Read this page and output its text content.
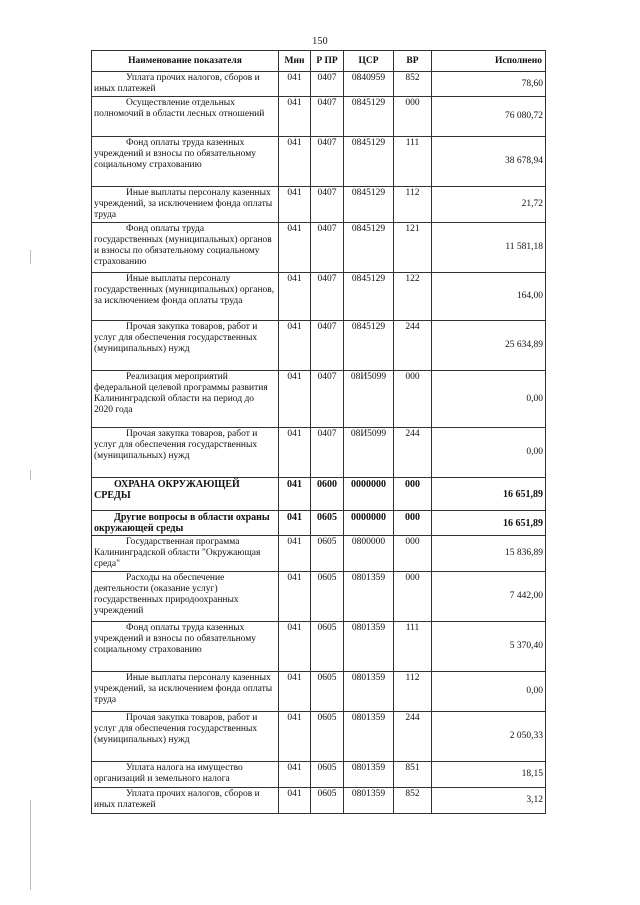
150
Наименование показателя	Мин	Р ПР	ЦСР	ВР	Исполнено
Уплата прочих налогов, сборов и иных платежей	041	0407	0840959	852	78,60
Осуществление отдельных полномочий в области лесных отношений	041	0407	0845129	000	76 080,72
Фонд оплаты труда казенных учреждений и взносы по обязательному социальному страхованию	041	0407	0845129	111	38 678,94
Иные выплаты персоналу казенных учреждений, за исключением фонда оплаты труда	041	0407	0845129	112	21,72
Фонд оплаты труда государственных (муниципальных) органов и взносы по обязательному социальному страхованию	041	0407	0845129	121	11 581,18
Иные выплаты персоналу государственных (муниципальных) органов, за исключением фонда оплаты труда	041	0407	0845129	122	164,00
Прочая закупка товаров, работ и услуг для обеспечения государственных (муниципальных) нужд	041	0407	0845129	244	25 634,89
Реализация мероприятий федеральной целевой программы развития Калининградской области на период до 2020 года	041	0407	08И5099	000	0,00
Прочая закупка товаров, работ и услуг для обеспечения государственных (муниципальных) нужд	041	0407	08И5099	244	0,00
ОХРАНА ОКРУЖАЮЩЕЙ СРЕДЫ	041	0600	0000000	000	16 651,89
Другие вопросы в области охраны окружающей среды	041	0605	0000000	000	16 651,89
Государственная программа Калининградской области "Окружающая среда"	041	0605	0800000	000	15 836,89
Расходы на обеспечение деятельности (оказание услуг) государственных природоохранных учреждений	041	0605	0801359	000	7 442,00
Фонд оплаты труда казенных учреждений и взносы по обязательному социальному страхованию	041	0605	0801359	111	5 370,40
Иные выплаты персоналу казенных учреждений, за исключением фонда оплаты труда	041	0605	0801359	112	0,00
Прочая закупка товаров, работ и услуг для обеспечения государственных (муниципальных) нужд	041	0605	0801359	244	2 050,33
Уплата налога на имущество организаций и земельного налога	041	0605	0801359	851	18,15
Уплата прочих налогов, сборов и иных платежей	041	0605	0801359	852	3,12
